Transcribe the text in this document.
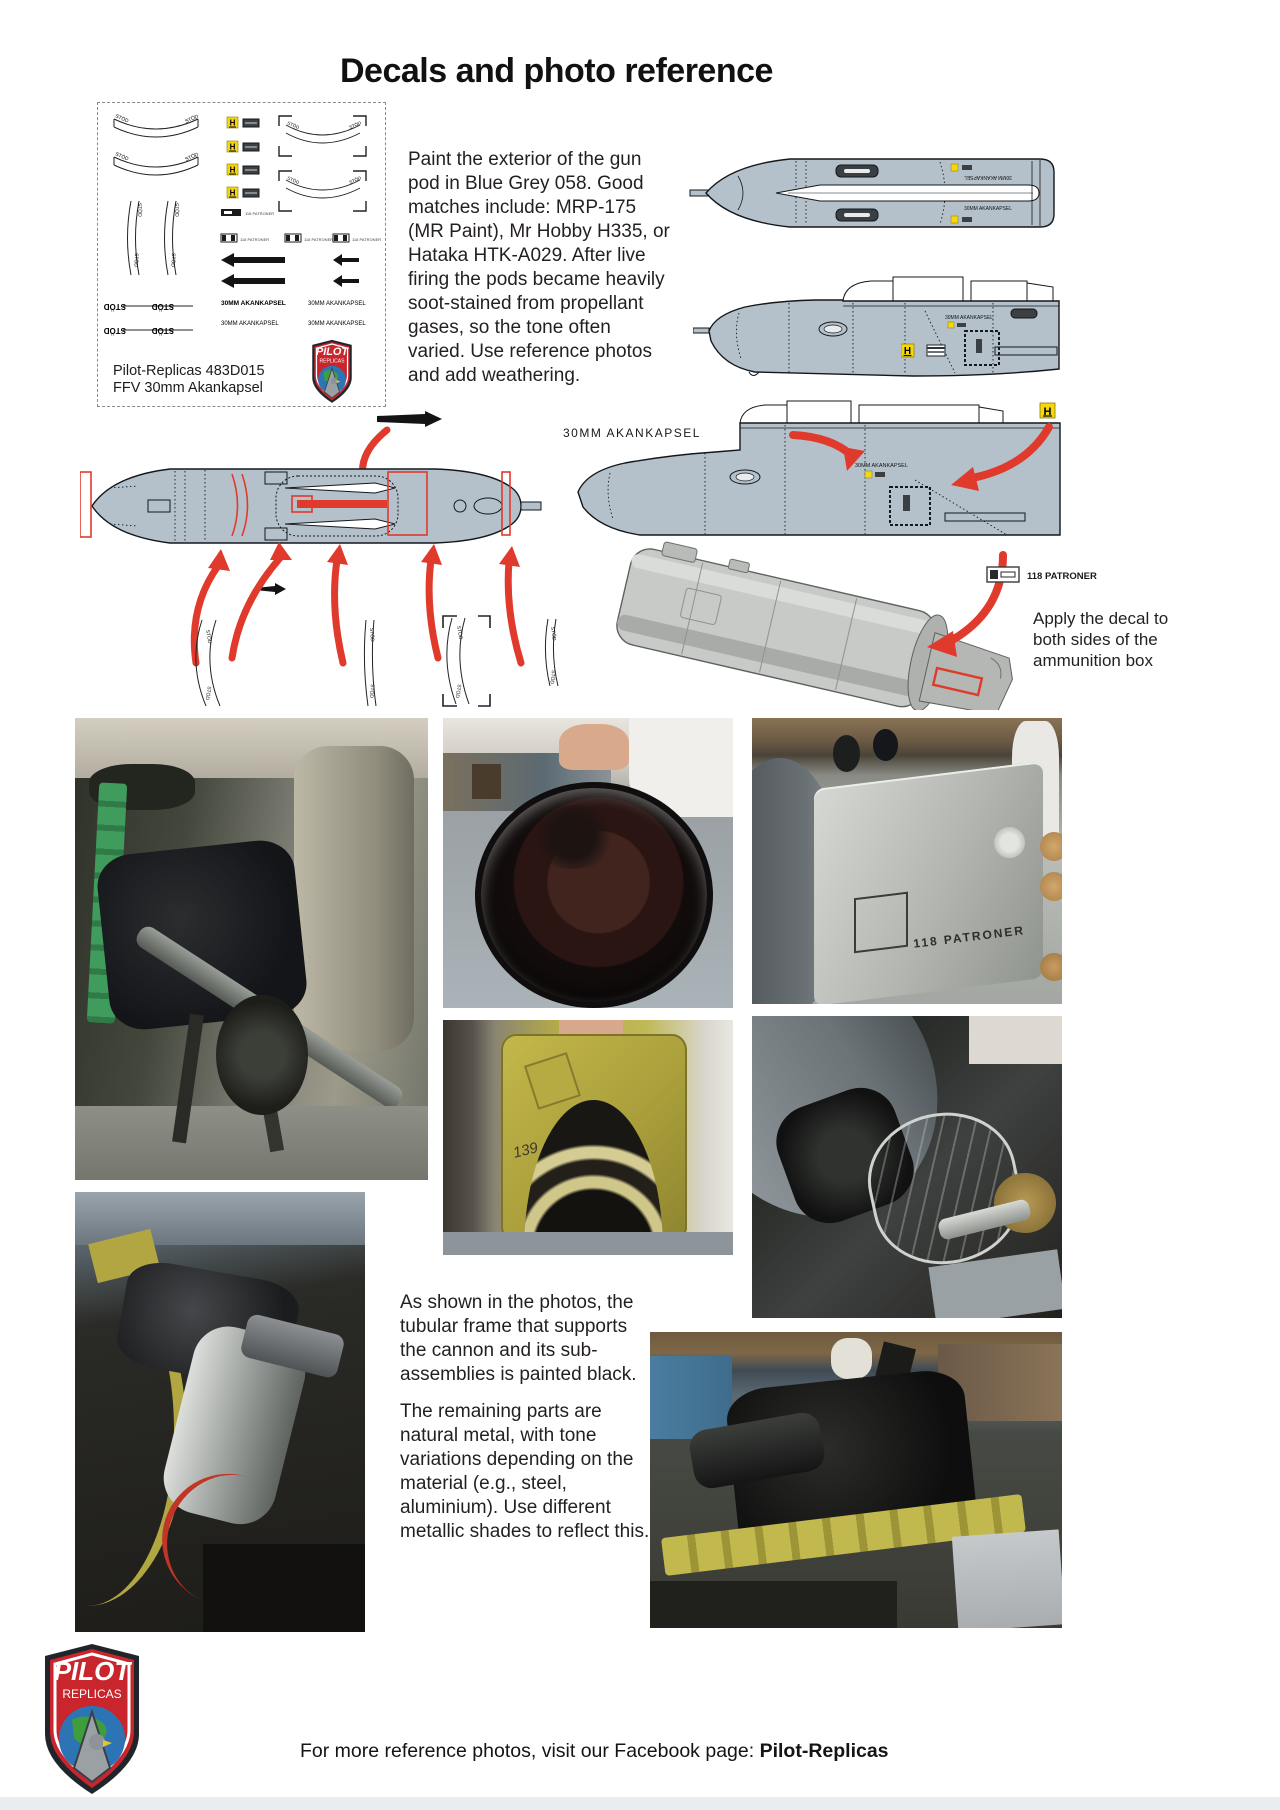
Decals and photo reference
STÖD	STÖD
STÖD	STÖD
STÖD
STÖD
STÖD
STÖD
H
H
H
H
STÖD	STÖD
STÖD	STÖD
118 PATRONER
118 PATRONER	118 PATRONER	118 PATRONER
STÖD	STÖD
STÖD	STÖD
30MM AKANKAPSEL	30MM AKANKAPSEL
30MM AKANKAPSEL	30MM AKANKAPSEL
PILOT
REPLICAS
Pilot-Replicas 483D015
FFV 30mm Akankapsel
Paint the exterior of the gun pod in Blue Grey 058. Good matches include: MRP-175 (MR Paint), Mr Hobby H335, or Hataka HTK-A029. After live firing the pods became heavily soot-stained from propellant gases, so the tone often varied. Use reference photos and add weathering.
30MM AKANKAPSEL
30MM AKANKAPSEL
30MM AKANKAPSEL
H
STÖD
STÖD
STÖD
STÖD
STÖD
STÖD
STÖD
STÖD
30MM AKANKAPSEL
30MM AKANKAPSEL
H
118 PATRONER
Apply the decal to both sides of the ammunition box
118 PATRONER
139
As shown in the photos, the tubular frame that supports the cannon and its sub-assemblies is painted black.
The remaining parts are natural metal, with tone variations depending on the material (e.g., steel, aluminium). Use different metallic shades to reflect this.
PILOT
REPLICAS
For more reference photos, visit our Facebook page: Pilot-Replicas
